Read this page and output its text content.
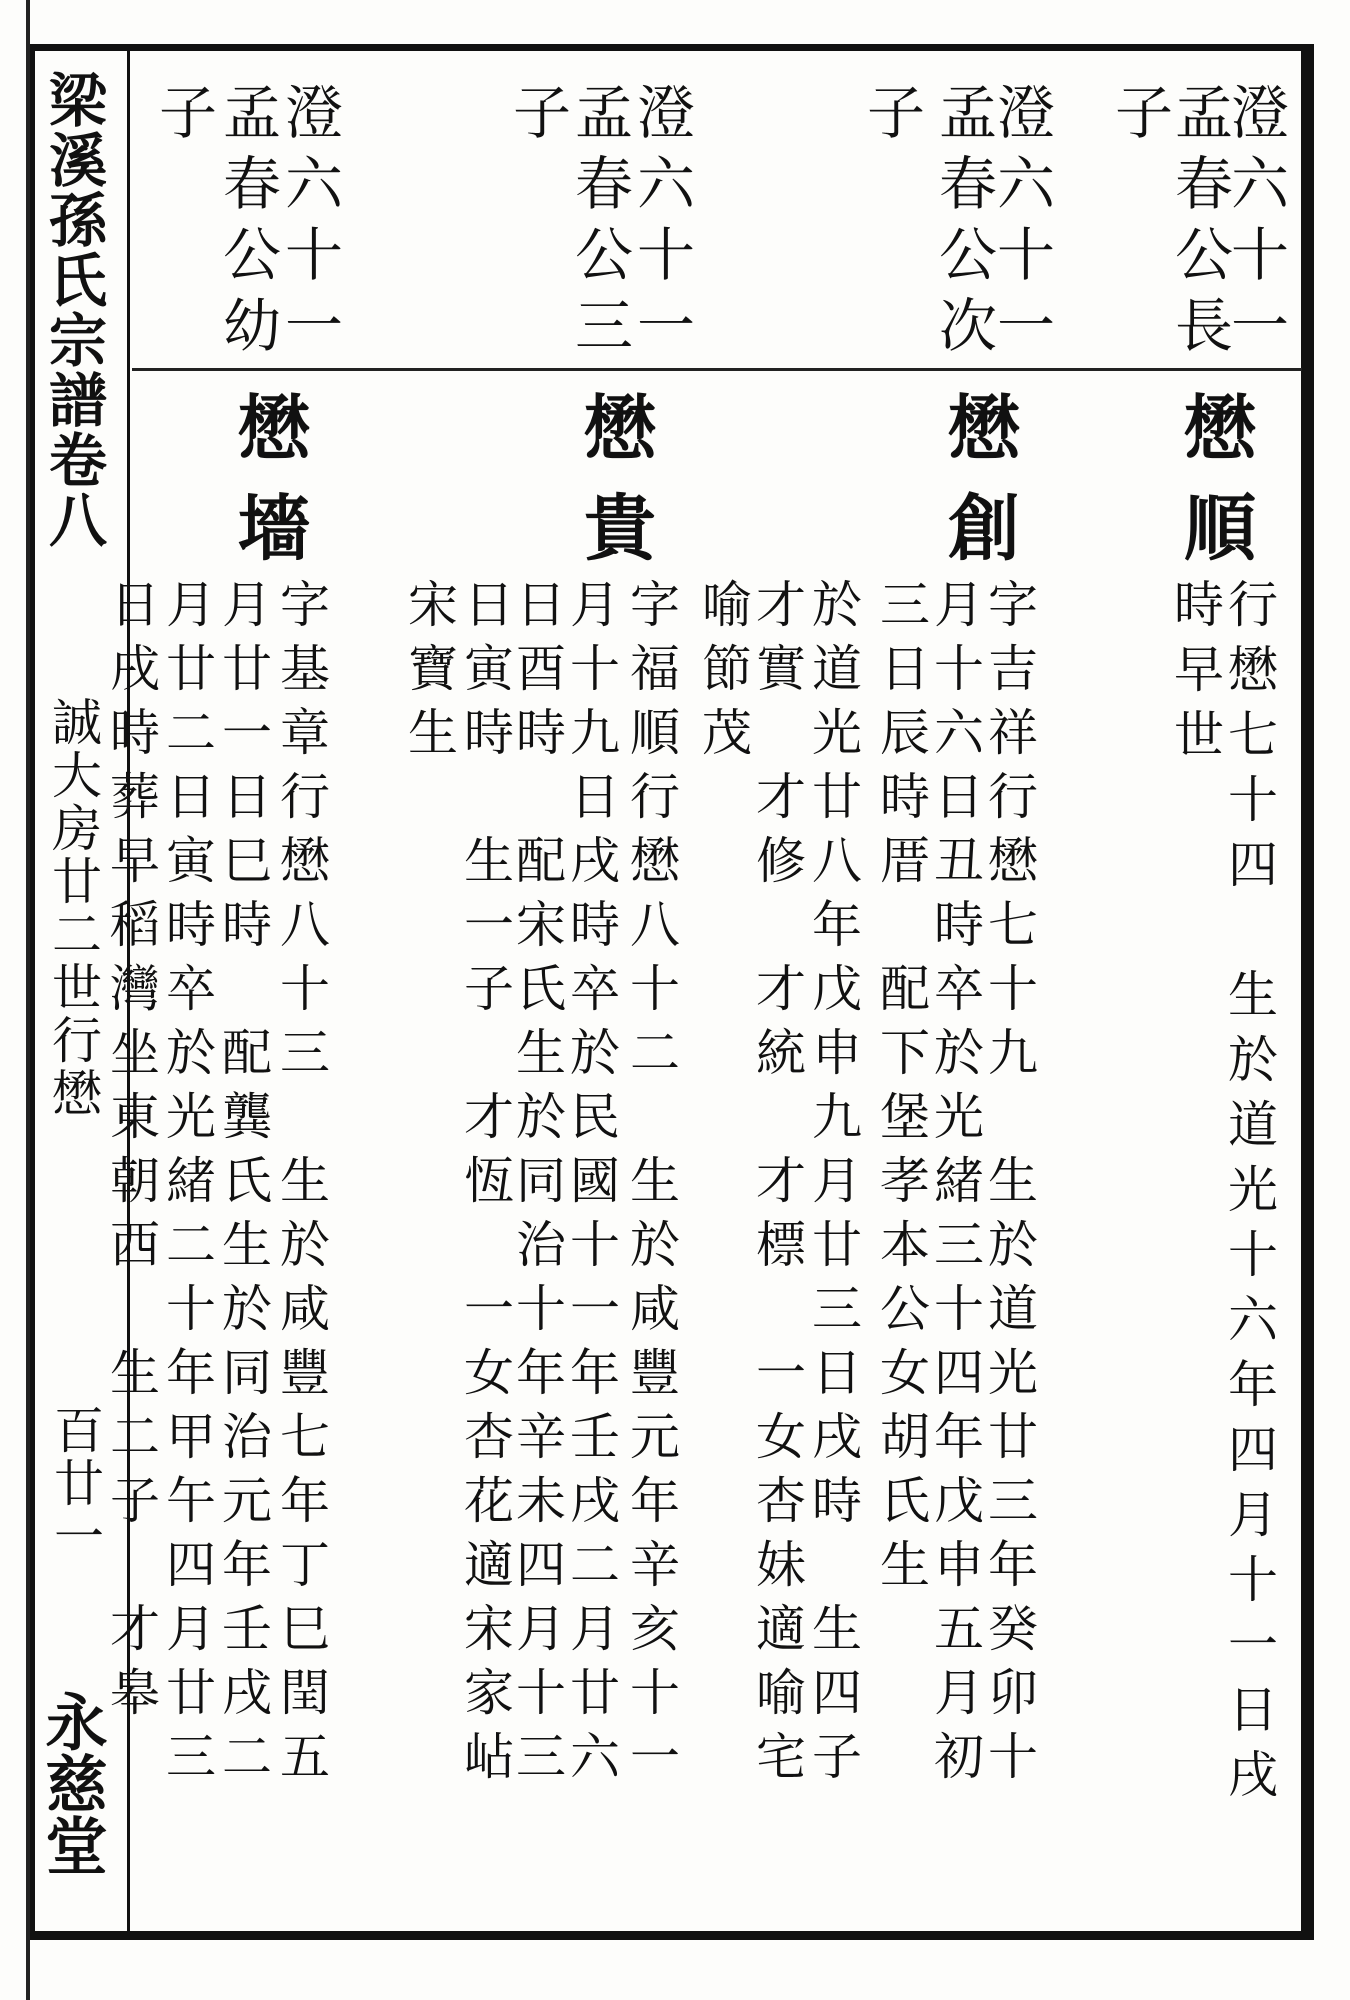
梁溪孫氏宗譜卷八
誠大房廿二世行懋
百廿一
永慈堂
澄六十一
孟春公長
子
懋順
行懋七十四　生於道光十六年四月十一日戌
時早世
澄六十一
孟春公次
子
懋創
字吉祥行懋七十九　生於道光廿三年癸卯十
月十六日丑時卒於光緒三十四年戊申五月初
三日辰時厝　配下堡孝本公女胡氏生
於道光廿八年戊申九月廿三日戌時　生四子
才實　才修　才統　才標　一女杏妹適喻宅
喻節茂
澄六十一
孟春公三
子
懋貴
字福順行懋八十二　生於咸豐元年辛亥十一
月十九日戌時卒於民國十一年壬戌二月廿六
日酉時　配宋氏生於同治十年辛未四月十三
日寅時　生一子　才恆　一女杏花適宋家岾
宋寶生
澄六十一
孟春公幼
子
懋墻
字基章行懋八十三　生於咸豐七年丁巳閏五
月廿一日巳時　配龔氏生於同治元年壬戌二
月廿二日寅時卒於光緒二十年甲午四月廿三
日戌時葬早稻灣坐東朝西　生二子　才皋
